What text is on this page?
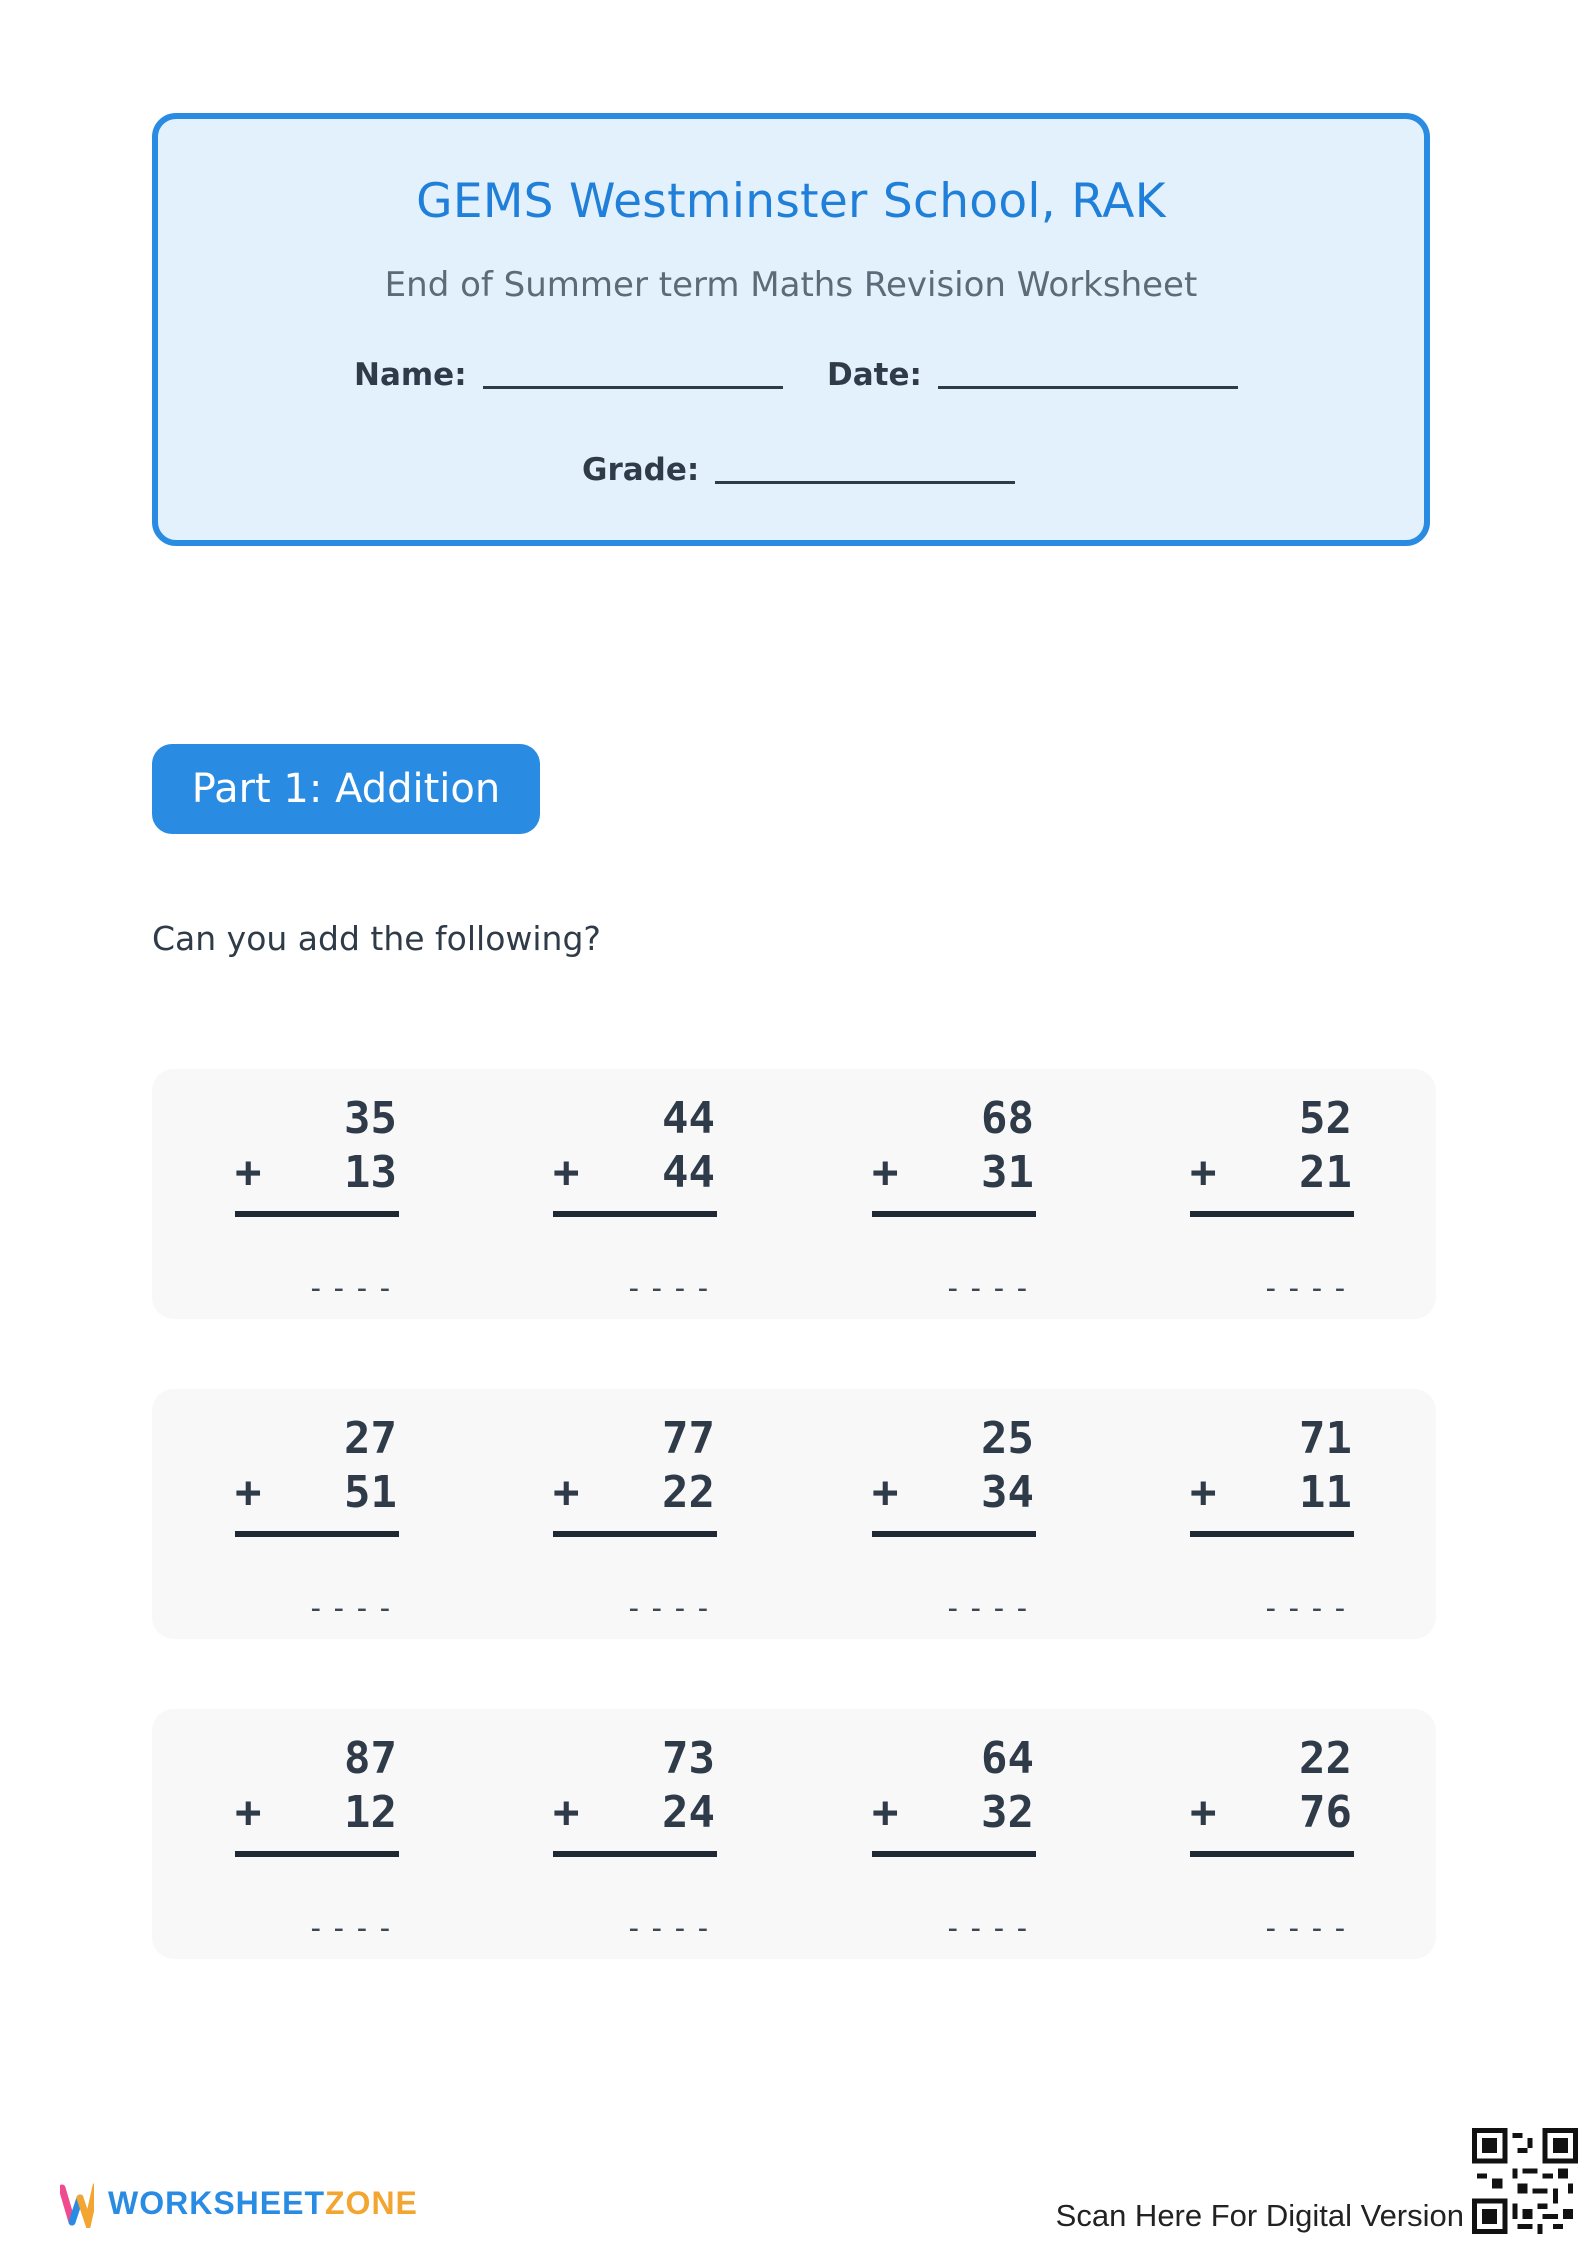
GEMS Westminster School, RAK
End of Summer term Maths Revision Worksheet
Name:	Date:
Grade:
Part 1: Addition
Can you add the following?
35
+ 13
----
44
+ 44
----
68
+ 31
----
52
+ 21
----
27
+ 51
----
77
+ 22
----
25
+ 34
----
71
+ 11
----
87
+ 12
----
73
+ 24
----
64
+ 32
----
22
+ 76
----
WORKSHEETZONE	Scan Here For Digital Version
